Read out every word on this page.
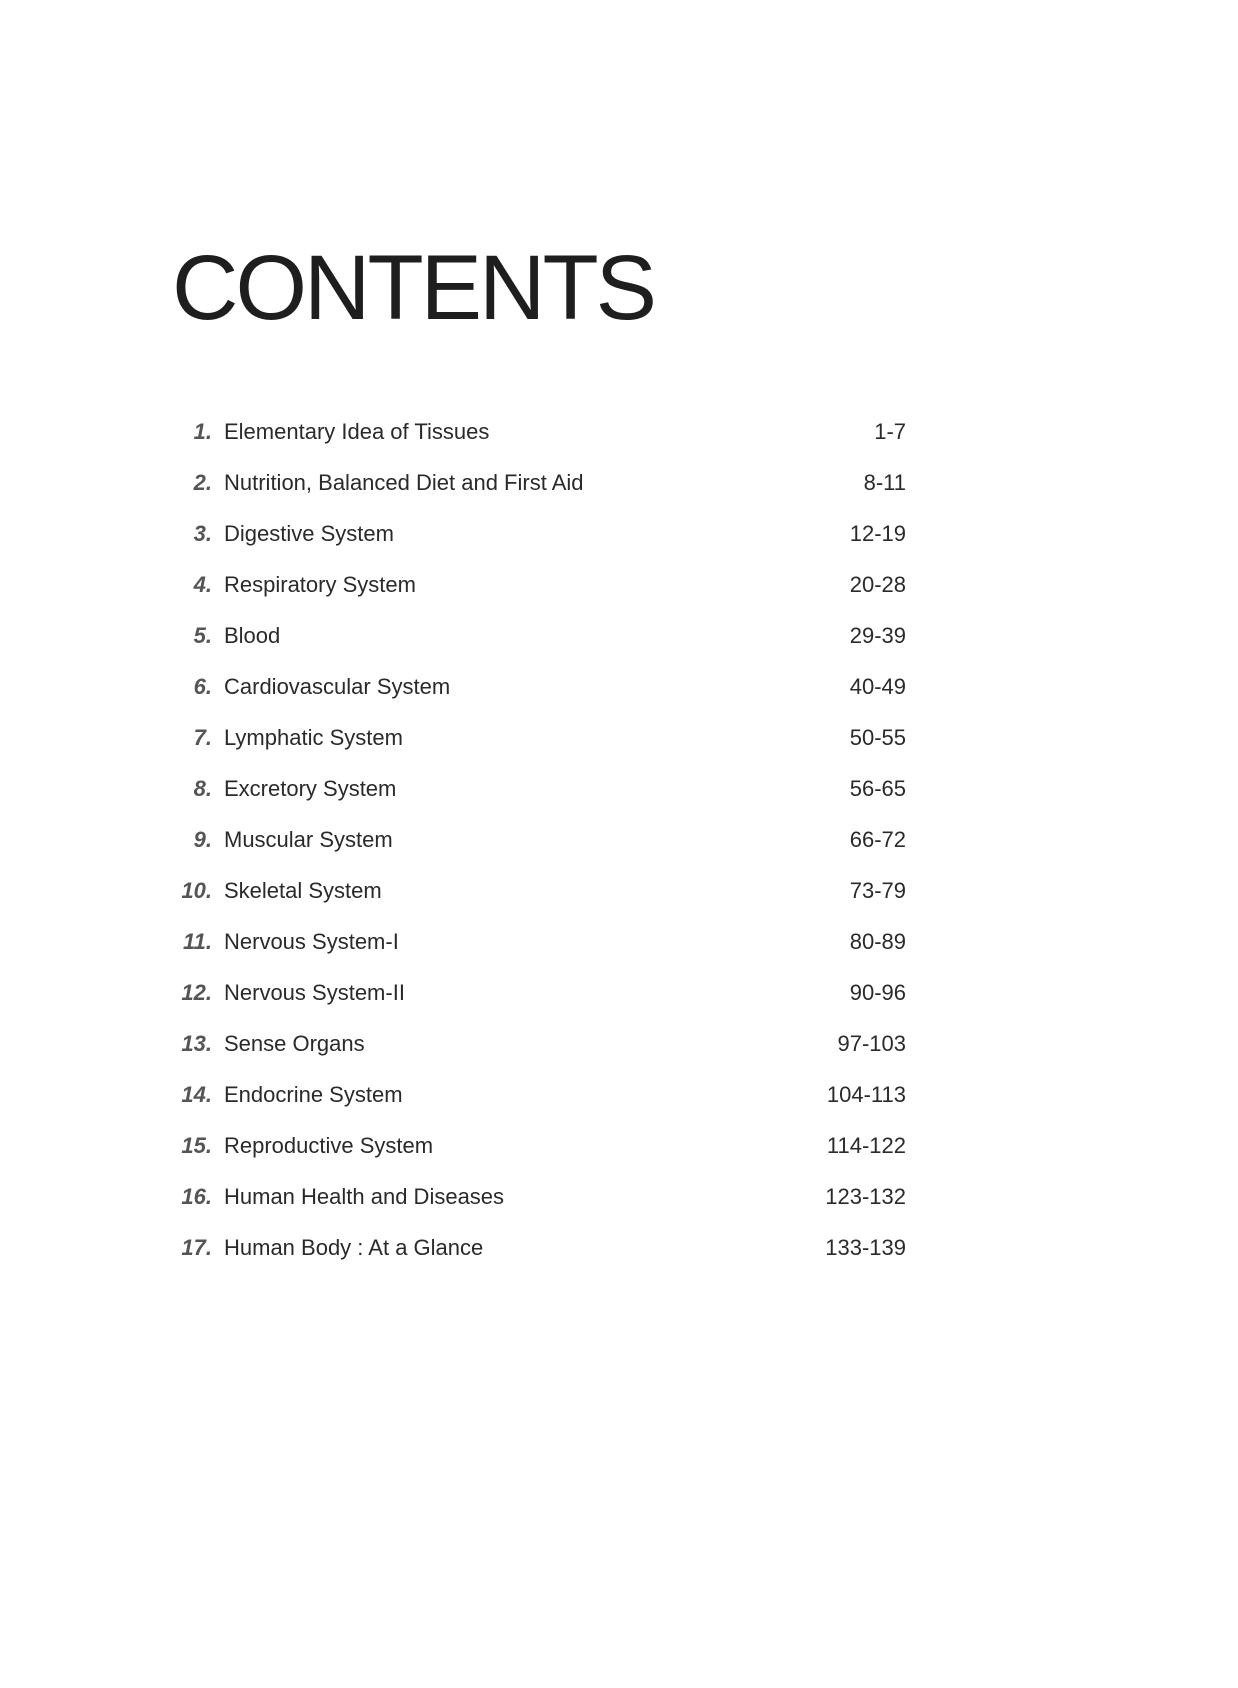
CONTENTS
1. Elementary Idea of Tissues	1-7
2. Nutrition, Balanced Diet and First Aid	8-11
3. Digestive System	12-19
4. Respiratory System	20-28
5. Blood	29-39
6. Cardiovascular System	40-49
7. Lymphatic System	50-55
8. Excretory System	56-65
9. Muscular System	66-72
10. Skeletal System	73-79
11. Nervous System-I	80-89
12. Nervous System-II	90-96
13. Sense Organs	97-103
14. Endocrine System	104-113
15. Reproductive System	114-122
16. Human Health and Diseases	123-132
17. Human Body : At a Glance	133-139
